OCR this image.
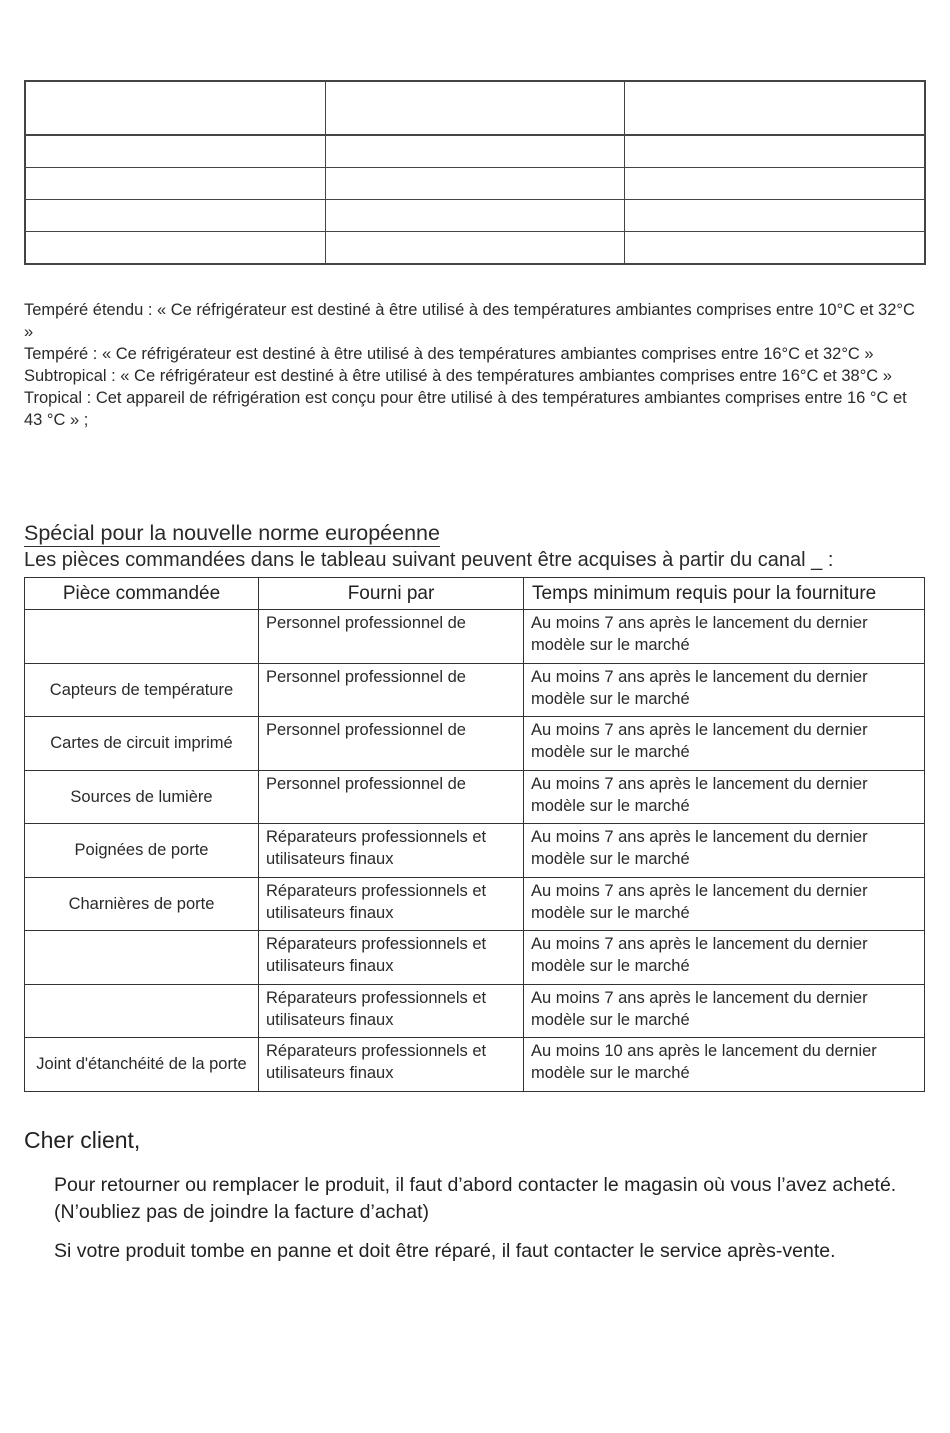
Tempéré étendu : « Ce réfrigérateur est destiné à être utilisé à des températures ambiantes comprises entre 10°C et 32°C »

Tempéré : « Ce réfrigérateur est destiné à être utilisé à des températures ambiantes comprises entre 16°C et 32°C »

Subtropical : « Ce réfrigérateur est destiné à être utilisé à des températures ambiantes comprises entre 16°C et 38°C »

Tropical : Cet appareil de réfrigération est conçu pour être utilisé à des températures ambiantes comprises entre 16 °C et 43 °C » ;

Spécial pour la nouvelle norme européenne
Les pièces commandées dans le tableau suivant peuvent être acquises à partir du canal _ :
Pièce commandée	Fourni par	Temps minimum requis pour la fourniture
	Personnel professionnel de	Au moins 7 ans après le lancement du dernier modèle sur le marché
Capteurs de température	Personnel professionnel de	Au moins 7 ans après le lancement du dernier modèle sur le marché
Cartes de circuit imprimé	Personnel professionnel de	Au moins 7 ans après le lancement du dernier modèle sur le marché
Sources de lumière	Personnel professionnel de	Au moins 7 ans après le lancement du dernier modèle sur le marché
Poignées de porte	Réparateurs professionnels et utilisateurs finaux	Au moins 7 ans après le lancement du dernier modèle sur le marché
Charnières de porte	Réparateurs professionnels et utilisateurs finaux	Au moins 7 ans après le lancement du dernier modèle sur le marché
	Réparateurs professionnels et utilisateurs finaux	Au moins 7 ans après le lancement du dernier modèle sur le marché
	Réparateurs professionnels et utilisateurs finaux	Au moins 7 ans après le lancement du dernier modèle sur le marché
Joint d'étanchéité de la porte	Réparateurs professionnels et utilisateurs finaux	Au moins 10 ans après le lancement du dernier modèle sur le marché
Cher client,

Pour retourner ou remplacer le produit, il faut d’abord contacter le magasin où vous l’avez acheté. (N’oubliez pas de joindre la facture d’achat)

Si votre produit tombe en panne et doit être réparé, il faut contacter le service après-vente.
